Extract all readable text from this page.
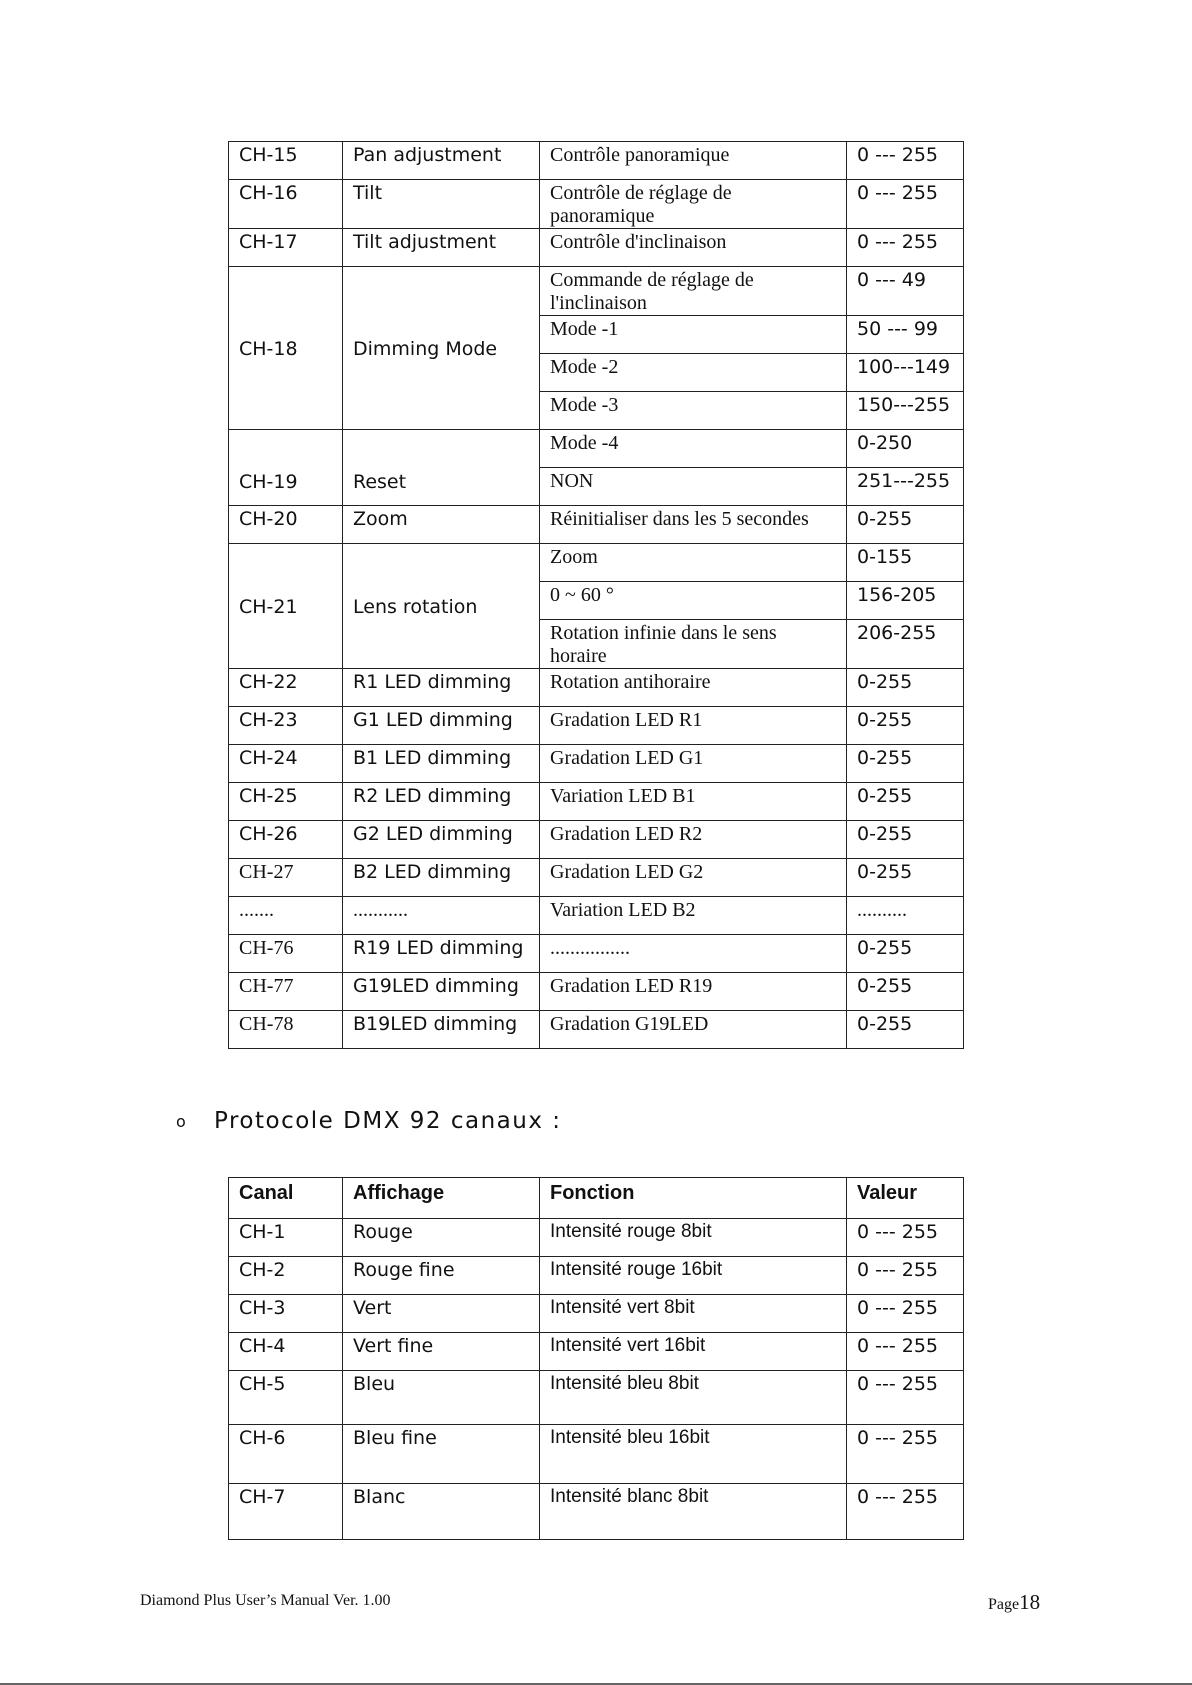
CH-15	Pan adjustment	Contrôle panoramique	0 --- 255
CH-16	Tilt	Contrôle de réglage de panoramique	0 --- 255
CH-17	Tilt adjustment	Contrôle d'inclinaison	0 --- 255
CH-18	Dimming Mode	Commande de réglage de l'inclinaison	0 --- 49
		Mode -1	50 --- 99
		Mode -2	100---149
		Mode -3	150---255
CH-19	Reset	Mode -4	0-250
		NON	251---255
CH-20	Zoom	Réinitialiser dans les 5 secondes	0-255
CH-21	Lens rotation	Zoom	0-155
		0 ~ 60 °	156-205
		Rotation infinie dans le sens horaire	206-255
CH-22	R1 LED dimming	Rotation antihoraire	0-255
CH-23	G1 LED dimming	Gradation LED R1	0-255
CH-24	B1 LED dimming	Gradation LED G1	0-255
CH-25	R2 LED dimming	Variation LED B1	0-255
CH-26	G2 LED dimming	Gradation LED R2	0-255
CH-27	B2 LED dimming	Gradation LED G2	0-255
.......	...........	Variation LED B2	..........
CH-76	R19 LED dimming	................	0-255
CH-77	G19LED dimming	Gradation LED R19	0-255
CH-78	B19LED dimming	Gradation G19LED	0-255
o Protocole DMX 92 canaux :
Canal	Affichage	Fonction	Valeur
CH-1	Rouge	Intensité rouge 8bit	0 --- 255
CH-2	Rouge fine	Intensité rouge 16bit	0 --- 255
CH-3	Vert	Intensité vert 8bit	0 --- 255
CH-4	Vert fine	Intensité vert 16bit	0 --- 255
CH-5	Bleu	Intensité bleu 8bit	0 --- 255
CH-6	Bleu fine	Intensité bleu 16bit	0 --- 255
CH-7	Blanc	Intensité blanc 8bit	0 --- 255
Diamond Plus User’s Manual Ver. 1.00	Page18
